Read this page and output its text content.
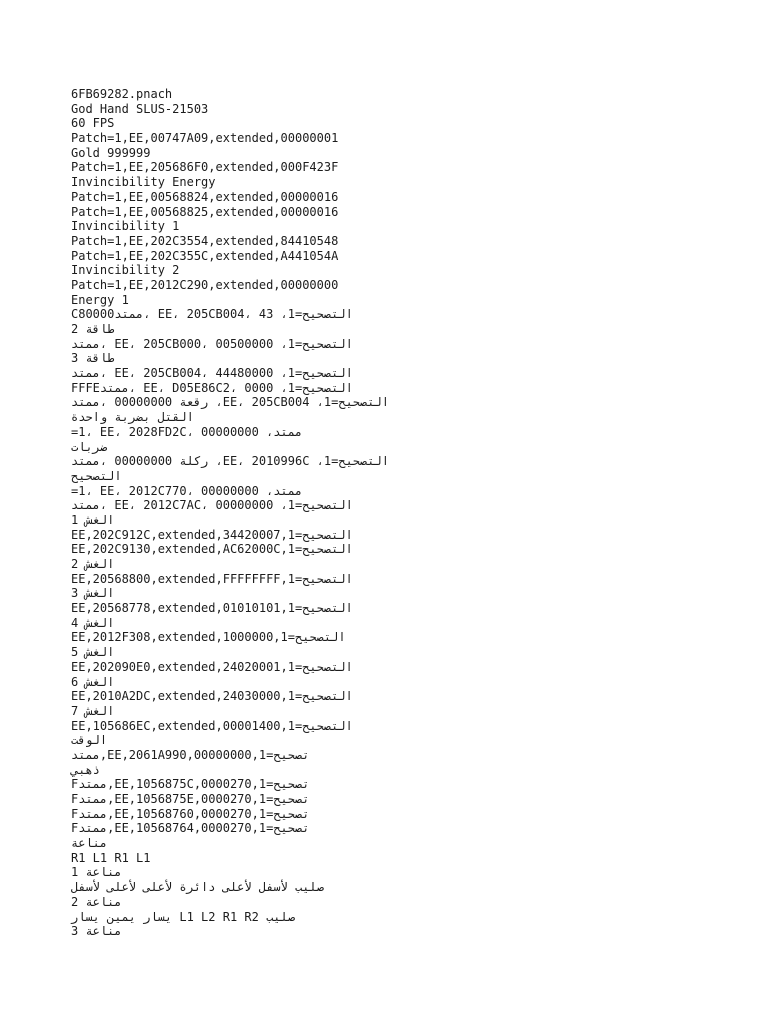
6FB69282.pnach
God Hand SLUS-21503
60 FPS
Patch=1,EE,00747A09,extended,00000001
Gold 999999
Patch=1,EE,205686F0,extended,000F423F
Invincibility Energy
Patch=1,EE,00568824,extended,00000016
Patch=1,EE,00568825,extended,00000016
Invincibility 1
Patch=1,EE,202C3554,extended,84410548
Patch=1,EE,202C355C,extended,A441054A
Invincibility 2
Patch=1,EE,2012C290,extended,00000000
Energy 1
التصحيح=1، EE، 205CB004، 43 ،ممتدC80000
طاقة 2
التصحيح=1، EE، 205CB000، 00500000 ،ممتد
طاقة 3
التصحيح=1، EE، 205CB004، 44480000 ،ممتد
التصحيح=1، EE، D05E86C2، 0000 ،ممتدFFFE
التصحيح=1، EE، 205CB004، رقعة 00000000 ،ممتد
القتل بضربة واحدة
=1، EE، 2028FD2C، 00000000 ،ممتد
ضربات
التصحيح=1، EE، 2010996C، ركلة 00000000 ،ممتد
التصحيح
=1، EE، 2012C770، 00000000 ،ممتد
التصحيح=1، EE، 2012C7AC، 00000000 ،ممتد
الغش 1
التصحيح=1,EE,202C912C,extended,34420007
التصحيح=1,EE,202C9130,extended,AC62000C
الغش 2
التصحيح=1,EE,20568800,extended,FFFFFFFF
الغش 3
التصحيح=1,EE,20568778,extended,01010101
الغش 4
التصحيح=1,EE,2012F308,extended,1000000
الغش 5
التصحيح=1,EE,202090E0,extended,24020001
الغش 6
التصحيح=1,EE,2010A2DC,extended,24030000
الغش 7
التصحيح=1,EE,105686EC,extended,00001400
الوقت
تصحيح=1,EE,2061A990,00000000,ممتد
ذهبي
تصحيح=1,EE,1056875C,0000270,ممتدF
تصحيح=1,EE,1056875E,0000270,ممتدF
تصحيح=1,EE,10568760,0000270,ممتدF
تصحيح=1,EE,10568764,0000270,ممتدF
مناعة
R1 L1 R1 L1
مناعة 1
صليب لأسفل لأعلى دائرة لأعلى لأعلى لأسفل
مناعة 2
صليب L1 L2 R1 R2 يسار يمين يسار
مناعة 3
